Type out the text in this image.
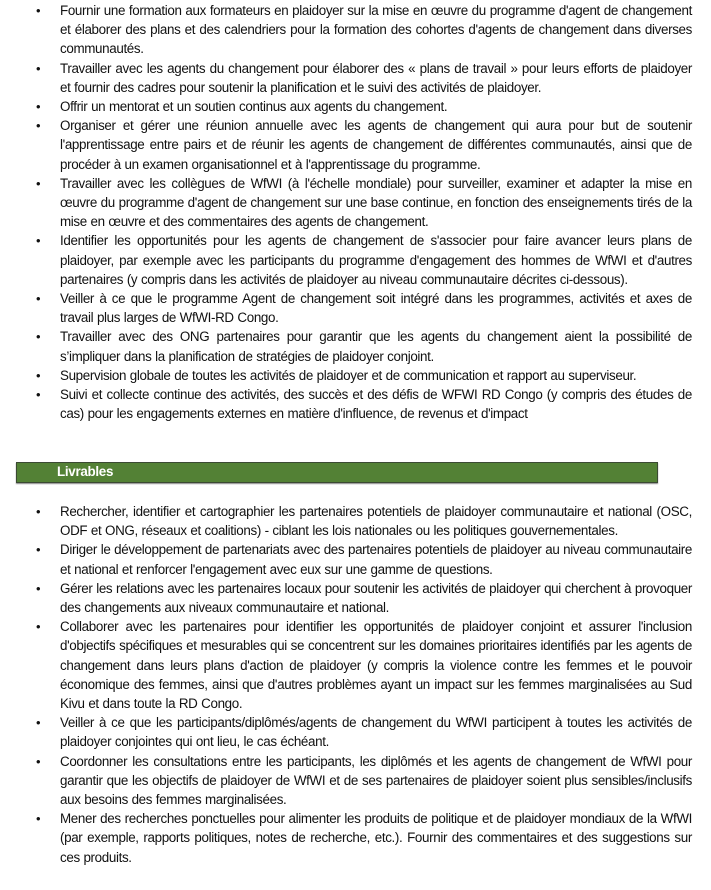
• Fournir une formation aux formateurs en plaidoyer sur la mise en œuvre du programme d'agent de changement et élaborer des plans et des calendriers pour la formation des cohortes d'agents de changement dans diverses communautés.
• Travailler avec les agents du changement pour élaborer des « plans de travail » pour leurs efforts de plaidoyer et fournir des cadres pour soutenir la planification et le suivi des activités de plaidoyer.
• Offrir un mentorat et un soutien continus aux agents du changement.
• Organiser et gérer une réunion annuelle avec les agents de changement qui aura pour but de soutenir l'apprentissage entre pairs et de réunir les agents de changement de différentes communautés, ainsi que de procéder à un examen organisationnel et à l'apprentissage du programme.
• Travailler avec les collègues de WfWI (à l'échelle mondiale) pour surveiller, examiner et adapter la mise en œuvre du programme d'agent de changement sur une base continue, en fonction des enseignements tirés de la mise en œuvre et des commentaires des agents de changement.
• Identifier les opportunités pour les agents de changement de s'associer pour faire avancer leurs plans de plaidoyer, par exemple avec les participants du programme d'engagement des hommes de WfWI et d'autres partenaires (y compris dans les activités de plaidoyer au niveau communautaire décrites ci-dessous).
• Veiller à ce que le programme Agent de changement soit intégré dans les programmes, activités et axes de travail plus larges de WfWI-RD Congo.
• Travailler avec des ONG partenaires pour garantir que les agents du changement aient la possibilité de s’impliquer dans la planification de stratégies de plaidoyer conjoint.
• Supervision globale de toutes les activités de plaidoyer et de communication et rapport au superviseur.
• Suivi et collecte continue des activités, des succès et des défis de WFWI RD Congo (y compris des études de cas) pour les engagements externes en matière d'influence, de revenus et d'impact
Livrables
• Rechercher, identifier et cartographier les partenaires potentiels de plaidoyer communautaire et national (OSC, ODF et ONG, réseaux et coalitions) - ciblant les lois nationales ou les politiques gouvernementales.
• Diriger le développement de partenariats avec des partenaires potentiels de plaidoyer au niveau communautaire et national et renforcer l'engagement avec eux sur une gamme de questions.
• Gérer les relations avec les partenaires locaux pour soutenir les activités de plaidoyer qui cherchent à provoquer des changements aux niveaux communautaire et national.
• Collaborer avec les partenaires pour identifier les opportunités de plaidoyer conjoint et assurer l'inclusion d'objectifs spécifiques et mesurables qui se concentrent sur les domaines prioritaires identifiés par les agents de changement dans leurs plans d'action de plaidoyer (y compris la violence contre les femmes et le pouvoir économique des femmes, ainsi que d'autres problèmes ayant un impact sur les femmes marginalisées au Sud Kivu et dans toute la RD Congo.
• Veiller à ce que les participants/diplômés/agents de changement du WfWI participent à toutes les activités de plaidoyer conjointes qui ont lieu, le cas échéant.
• Coordonner les consultations entre les participants, les diplômés et les agents de changement de WfWI pour garantir que les objectifs de plaidoyer de WfWI et de ses partenaires de plaidoyer soient plus sensibles/inclusifs aux besoins des femmes marginalisées.
• Mener des recherches ponctuelles pour alimenter les produits de politique et de plaidoyer mondiaux de la WfWI (par exemple, rapports politiques, notes de recherche, etc.). Fournir des commentaires et des suggestions sur ces produits.
